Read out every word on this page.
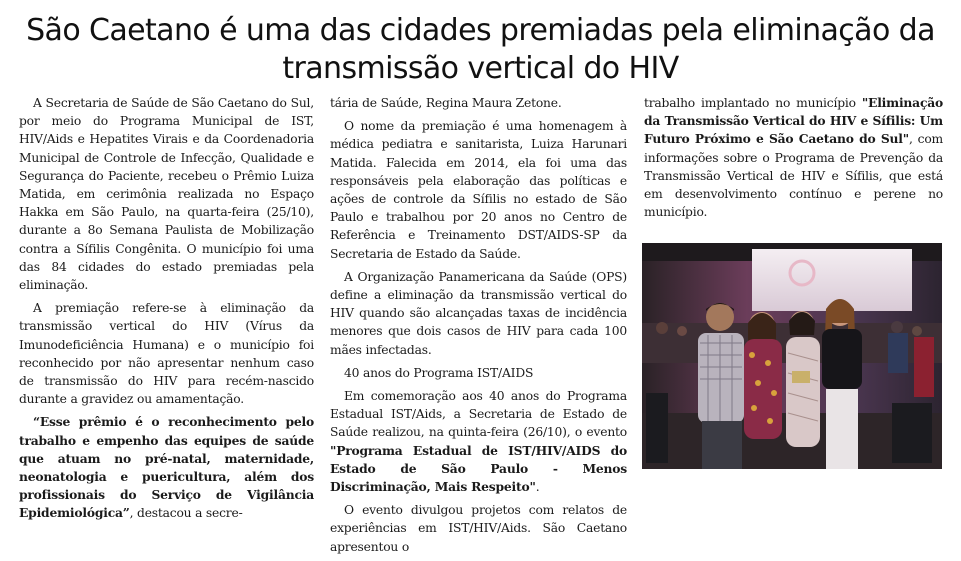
São Caetano é uma das cidades premiadas pela eliminação da
transmissão vertical do HIV

A Secretaria de Saúde de São Caetano do Sul, por meio do Programa Municipal de IST, HIV/Aids e Hepatites Virais e da Coordenadoria Municipal de Controle de Infecção, Qualidade e Segurança do Paciente, recebeu o Prêmio Luiza Matida, em cerimônia realizada no Espaço Hakka em São Paulo, na quarta-feira (25/10), durante a 8o Semana Paulista de Mobilização contra a Sífilis Congênita. O município foi uma das 84 cidades do estado premiadas pela eliminação.

A premiação refere-se à eliminação da transmissão vertical do HIV (Vírus da Imunodeficiência Humana) e o município foi reconhecido por não apresentar nenhum caso de transmissão do HIV para recém-nascido durante a gravidez ou amamentação.

“Esse prêmio é o reconhecimento pelo trabalho e empenho das equipes de saúde que atuam no pré-natal, maternidade, neonatologia e puericultura, além dos profissionais do Serviço de Vigilância Epidemiológica”, destacou a secre-

tária de Saúde, Regina Maura Zetone.

O nome da premiação é uma homenagem à médica pediatra e sanitarista, Luiza Harunari Matida. Falecida em 2014, ela foi uma das responsáveis pela elaboração das políticas e ações de controle da Sífilis no estado de São Paulo e trabalhou por 20 anos no Centro de Referência e Treinamento DST/AIDS-SP da Secretaria de Estado da Saúde.

A Organização Panamericana da Saúde (OPS) define a eliminação da transmissão vertical do HIV quando são alcançadas taxas de incidência menores que dois casos de HIV para cada 100 mães infectadas.

40 anos do Programa IST/AIDS

Em comemoração aos 40 anos do Programa Estadual IST/Aids, a Secretaria de Estado de Saúde realizou, na quinta-feira (26/10), o evento "Programa Estadual de IST/HIV/AIDS do Estado de São Paulo - Menos Discriminação, Mais Respeito".

O evento divulgou projetos com relatos de experiências em IST/HIV/Aids. São Caetano apresentou o

trabalho implantado no município "Eliminação da Transmissão Vertical do HIV e Sífilis: Um Futuro Próximo e São Caetano do Sul", com informações sobre o Programa de Prevenção da Transmissão Vertical de HIV e Sífilis, que está em desenvolvimento contínuo e perene no município.
